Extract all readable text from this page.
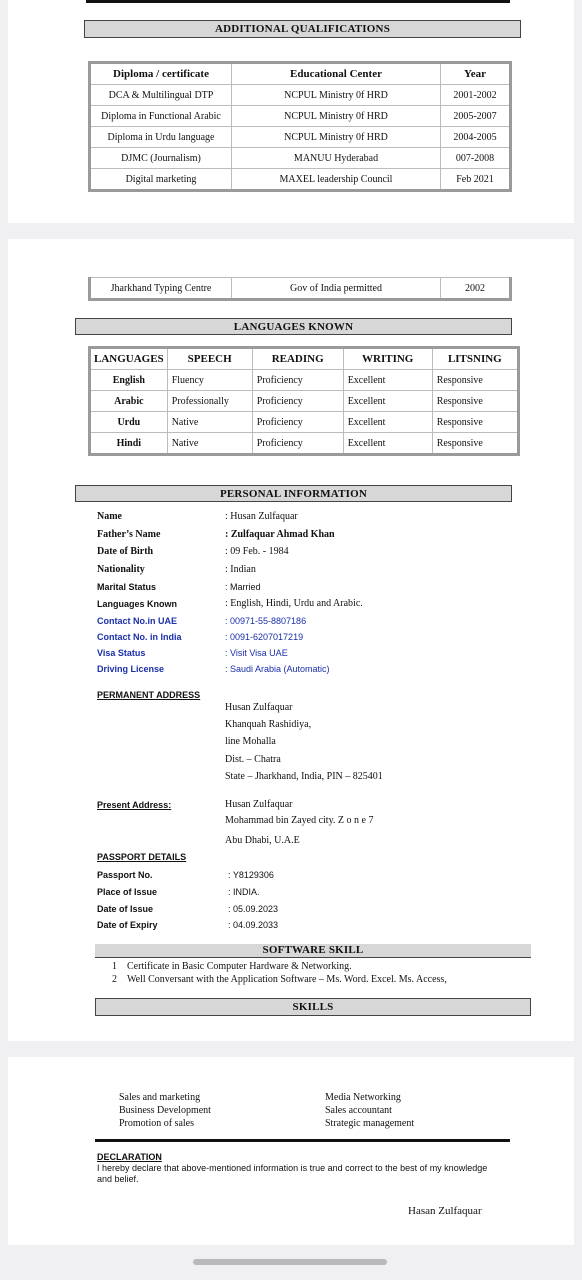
ADDITIONAL QUALIFICATIONS
Diploma / certificate	Educational Center	Year
DCA & Multilingual DTP	NCPUL Ministry 0f HRD	2001-2002
Diploma in Functional Arabic	NCPUL Ministry 0f HRD	2005-2007
Diploma in Urdu language	NCPUL Ministry 0f HRD	2004-2005
DJMC (Journalism)	MANUU Hyderabad	007-2008
Digital marketing	MAXEL leadership Council	Feb 2021
Jharkhand Typing Centre	Gov of India permitted	2002
LANGUAGES KNOWN
LANGUAGES	SPEECH	READING	WRITING	LITSNING
English	Fluency	Proficiency	Excellent	Responsive
Arabic	Professionally	Proficiency	Excellent	Responsive
Urdu	Native	Proficiency	Excellent	Responsive
Hindi	Native	Proficiency	Excellent	Responsive
PERSONAL INFORMATION
Name	: Husan Zulfaquar
Father’s Name	: Zulfaquar Ahmad Khan
Date of Birth	: 09 Feb. - 1984
Nationality	: Indian
Marital Status	: Married
Languages Known	: English, Hindi, Urdu and Arabic.
Contact No.in UAE	: 00971-55-8807186
Contact No. in India	: 0091-6207017219
Visa Status	: Visit Visa UAE
Driving License	: Saudi Arabia (Automatic)
PERMANENT ADDRESS
Husan Zulfaquar
Khanquah Rashidiya,
line Mohalla
Dist. – Chatra
State – Jharkhand, India, PIN – 825401
Present Address:	Husan Zulfaquar
Mohammad bin Zayed city. Z o n e 7
Abu Dhabi, U.A.E
PASSPORT DETAILS
Passport No.	: Y8129306
Place of Issue	: INDIA.
Date of Issue	: 05.09.2023
Date of Expiry	: 04.09.2033
SOFTWARE SKILL
1 Certificate in Basic Computer Hardware & Networking.
2 Well Conversant with the Application Software – Ms. Word. Excel. Ms. Access,
SKILLS
Sales and marketing
Business Development
Promotion of sales
Media Networking
Sales accountant
Strategic management
DECLARATION
I hereby declare that above-mentioned information is true and correct to the best of my knowledge and belief.
Hasan Zulfaquar
